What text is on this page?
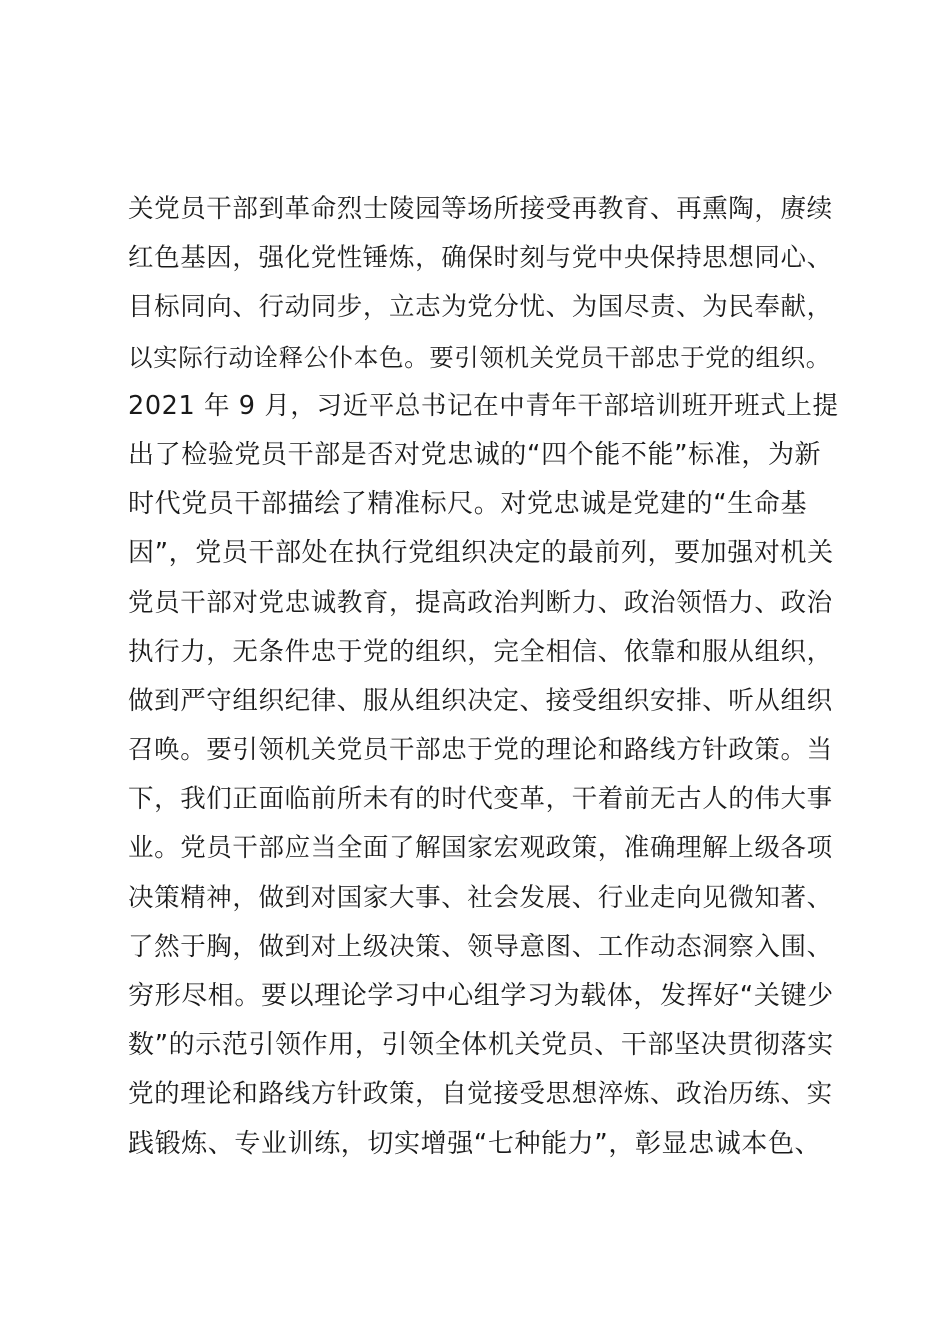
关党员干部到革命烈士陵园等场所接受再教育、再熏陶，赓续
红色基因，强化党性锤炼，确保时刻与党中央保持思想同心、
目标同向、行动同步，立志为党分忧、为国尽责、为民奉献，
以实际行动诠释公仆本色。要引领机关党员干部忠于党的组织。
2021 年 9 月，习近平总书记在中青年干部培训班开班式上提
出了检验党员干部是否对党忠诚的“四个能不能”标准，为新
时代党员干部描绘了精准标尺。对党忠诚是党建的“生命基
因”，党员干部处在执行党组织决定的最前列，要加强对机关
党员干部对党忠诚教育，提高政治判断力、政治领悟力、政治
执行力，无条件忠于党的组织，完全相信、依靠和服从组织，
做到严守组织纪律、服从组织决定、接受组织安排、听从组织
召唤。要引领机关党员干部忠于党的理论和路线方针政策。当
下，我们正面临前所未有的时代变革，干着前无古人的伟大事
业。党员干部应当全面了解国家宏观政策，准确理解上级各项
决策精神，做到对国家大事、社会发展、行业走向见微知著、
了然于胸，做到对上级决策、领导意图、工作动态洞察入围、
穷形尽相。要以理论学习中心组学习为载体，发挥好“关键少
数”的示范引领作用，引领全体机关党员、干部坚决贯彻落实
党的理论和路线方针政策，自觉接受思想淬炼、政治历练、实
践锻炼、专业训练，切实增强“七种能力”，彰显忠诚本色、
